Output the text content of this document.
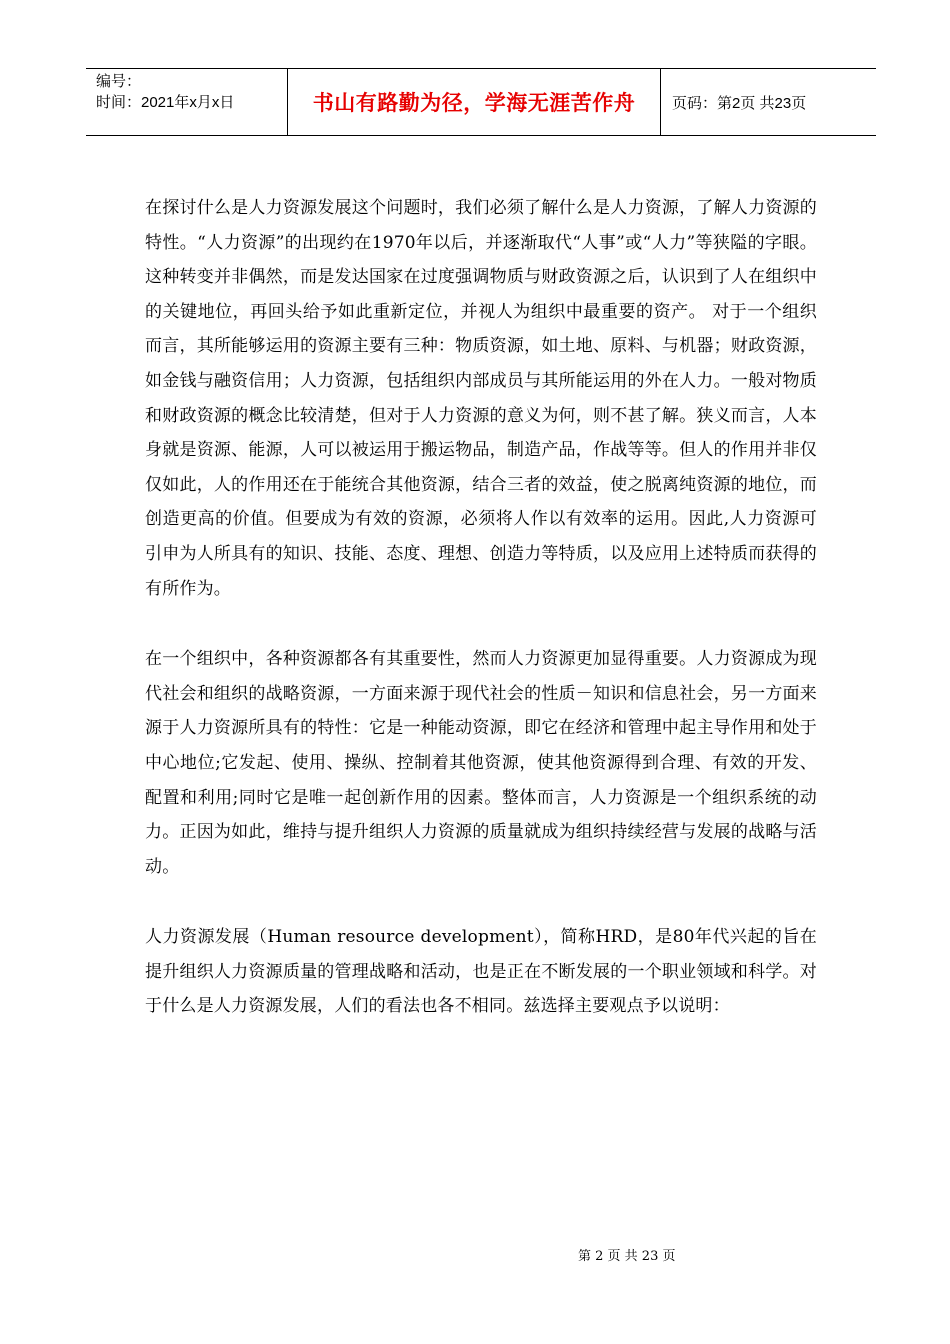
编号：
时间：2021年x月x日	书山有路勤为径，学海无涯苦作舟	页码：第2页 共23页

在探讨什么是人力资源发展这个问题时，我们必须了解什么是人力资源，了解人力资源的特性。“人力资源”的出现约在1970年以后，并逐渐取代“人事”或“人力”等狭隘的字眼。这种转变并非偶然，而是发达国家在过度强调物质与财政资源之后，认识到了人在组织中的关键地位，再回头给予如此重新定位，并视人为组织中最重要的资产。 对于一个组织而言，其所能够运用的资源主要有三种：物质资源，如土地、原料、与机器；财政资源，如金钱与融资信用；人力资源，包括组织内部成员与其所能运用的外在人力。一般对物质和财政资源的概念比较清楚，但对于人力资源的意义为何，则不甚了解。狭义而言，人本身就是资源、能源，人可以被运用于搬运物品，制造产品，作战等等。但人的作用并非仅仅如此，人的作用还在于能统合其他资源，结合三者的效益，使之脱离纯资源的地位，而创造更高的价值。但要成为有效的资源，必须将人作以有效率的运用。因此,人力资源可引申为人所具有的知识、技能、态度、理想、创造力等特质，以及应用上述特质而获得的有所作为。

在一个组织中，各种资源都各有其重要性，然而人力资源更加显得重要。人力资源成为现代社会和组织的战略资源，一方面来源于现代社会的性质－知识和信息社会，另一方面来源于人力资源所具有的特性：它是一种能动资源，即它在经济和管理中起主导作用和处于中心地位;它发起、使用、操纵、控制着其他资源，使其他资源得到合理、有效的开发、配置和利用;同时它是唯一起创新作用的因素。整体而言，人力资源是一个组织系统的动力。正因为如此，维持与提升组织人力资源的质量就成为组织持续经营与发展的战略与活动。

人力资源发展（Human resource development），简称HRD，是80年代兴起的旨在提升组织人力资源质量的管理战略和活动，也是正在不断发展的一个职业领域和科学。对于什么是人力资源发展，人们的看法也各不相同。兹选择主要观点予以说明：

第 2 页 共 23 页
